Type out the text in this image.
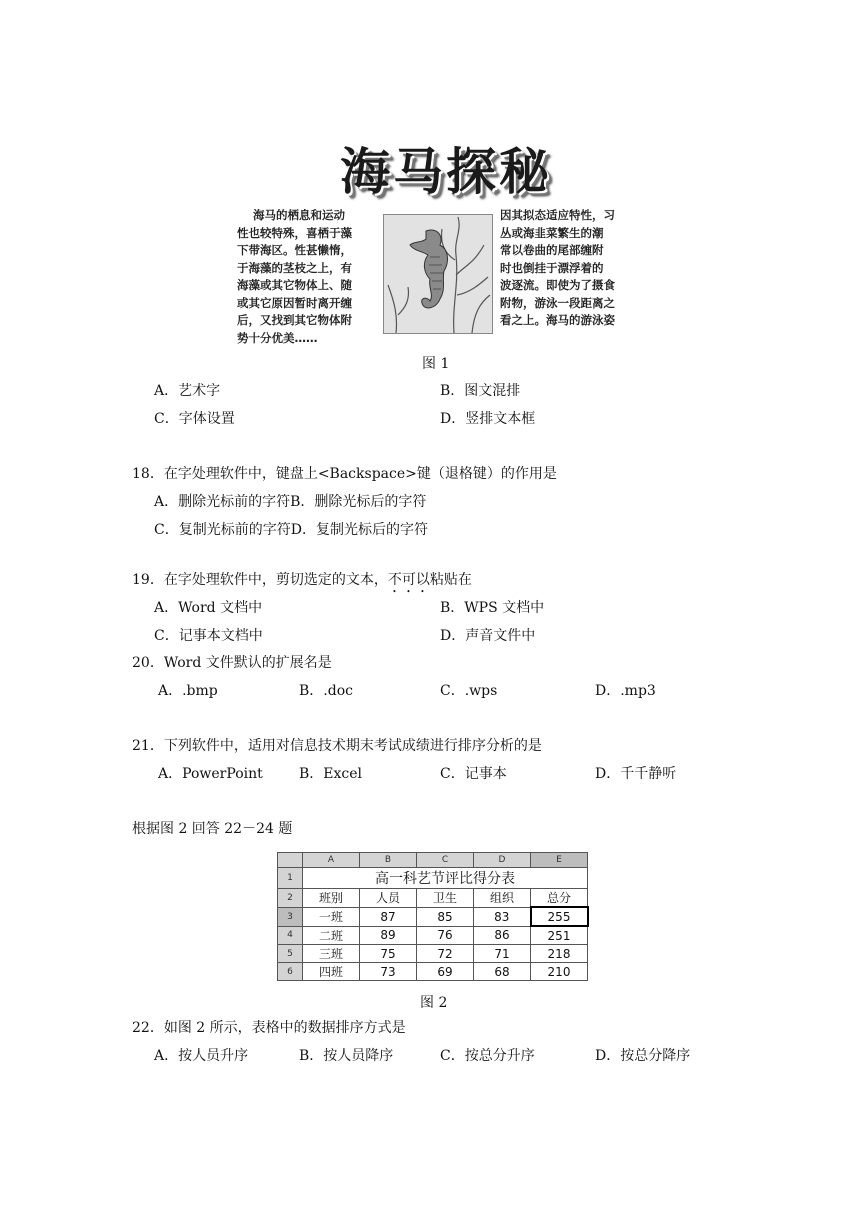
海马探秘
海马的栖息和运动
性也较特殊，喜栖于藻
下带海区。性甚懒惰，
于海藻的茎枝之上，有
海藻或其它物体上、随
或其它原因暂时离开缠
后，又找到其它物体附
势十分优美……
因其拟态适应特性，习
丛或海韭菜繁生的潮
常以卷曲的尾部缠附
时也倒挂于漂浮着的
波逐流。即使为了摄食
附物，游泳一段距离之
看之上。海马的游泳姿
图 1
A．艺术字	B．图文混排
C．字体设置	D．竖排文本框
18．在字处理软件中，键盘上<Backspace>键（退格键）的作用是
A．删除光标前的字符B．删除光标后的字符
C．复制光标前的字符D．复制光标后的字符
19．在字处理软件中，剪切选定的文本，不可以粘贴在
A．Word 文档中	B．WPS 文档中
C．记事本文档中	D．声音文件中
20．Word 文件默认的扩展名是
A．.bmp	B．.doc	C．.wps	D．.mp3
21．下列软件中，适用对信息技术期末考试成绩进行排序分析的是
A．PowerPoint	B．Excel	C．记事本	D．千千静听
根据图 2 回答 22－24 题
	A	B	C	D	E
1	高一科艺节评比得分表				
2	班别	人员	卫生	组织	总分
3	一班	87	85	83	255
4	二班	89	76	86	251
5	三班	75	72	71	218
6	四班	73	69	68	210
图 2
22．如图 2 所示，表格中的数据排序方式是
A．按人员升序	B．按人员降序	C．按总分升序	D．按总分降序
